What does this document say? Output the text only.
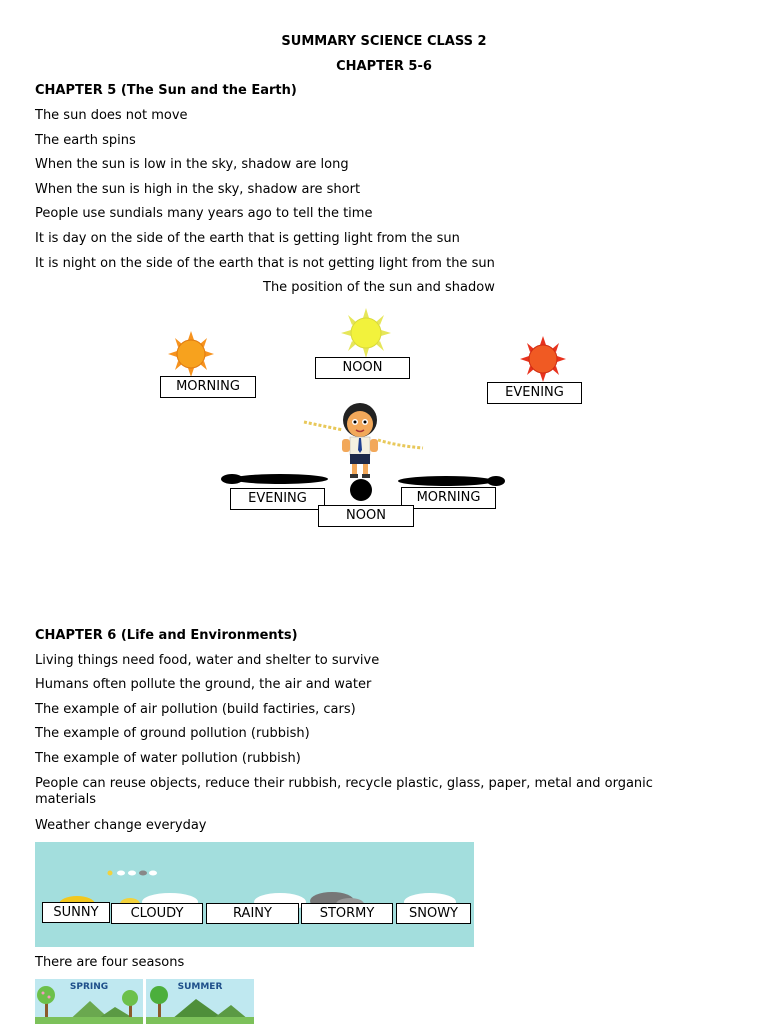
SUMMARY SCIENCE CLASS 2
CHAPTER 5-6
CHAPTER 5 (The Sun and the Earth)
The sun does not move
The earth spins
When the sun is low in the sky, shadow are long
When the sun is high in the sky, shadow are short
People use sundials many years ago to tell the time
It is day on the side of the earth that is getting light from the sun
It is night on the side of the earth that is not getting light from the sun
The position of the sun and shadow
MORNING
NOON
EVENING
EVENING	MORNING
NOON
CHAPTER 6 (Life and Environments)
Living things need food, water and shelter to survive
Humans often pollute the ground, the air and water
The example of air pollution (build factiries, cars)
The example of ground pollution (rubbish)
The example of water pollution (rubbish)
People can reuse objects, reduce their rubbish, recycle plastic, glass, paper, metal and organic
materials
Weather change everyday
SUNNY	CLOUDY	RAINY	STORMY	SNOWY
There are four seasons
SPRING	SUMMER
